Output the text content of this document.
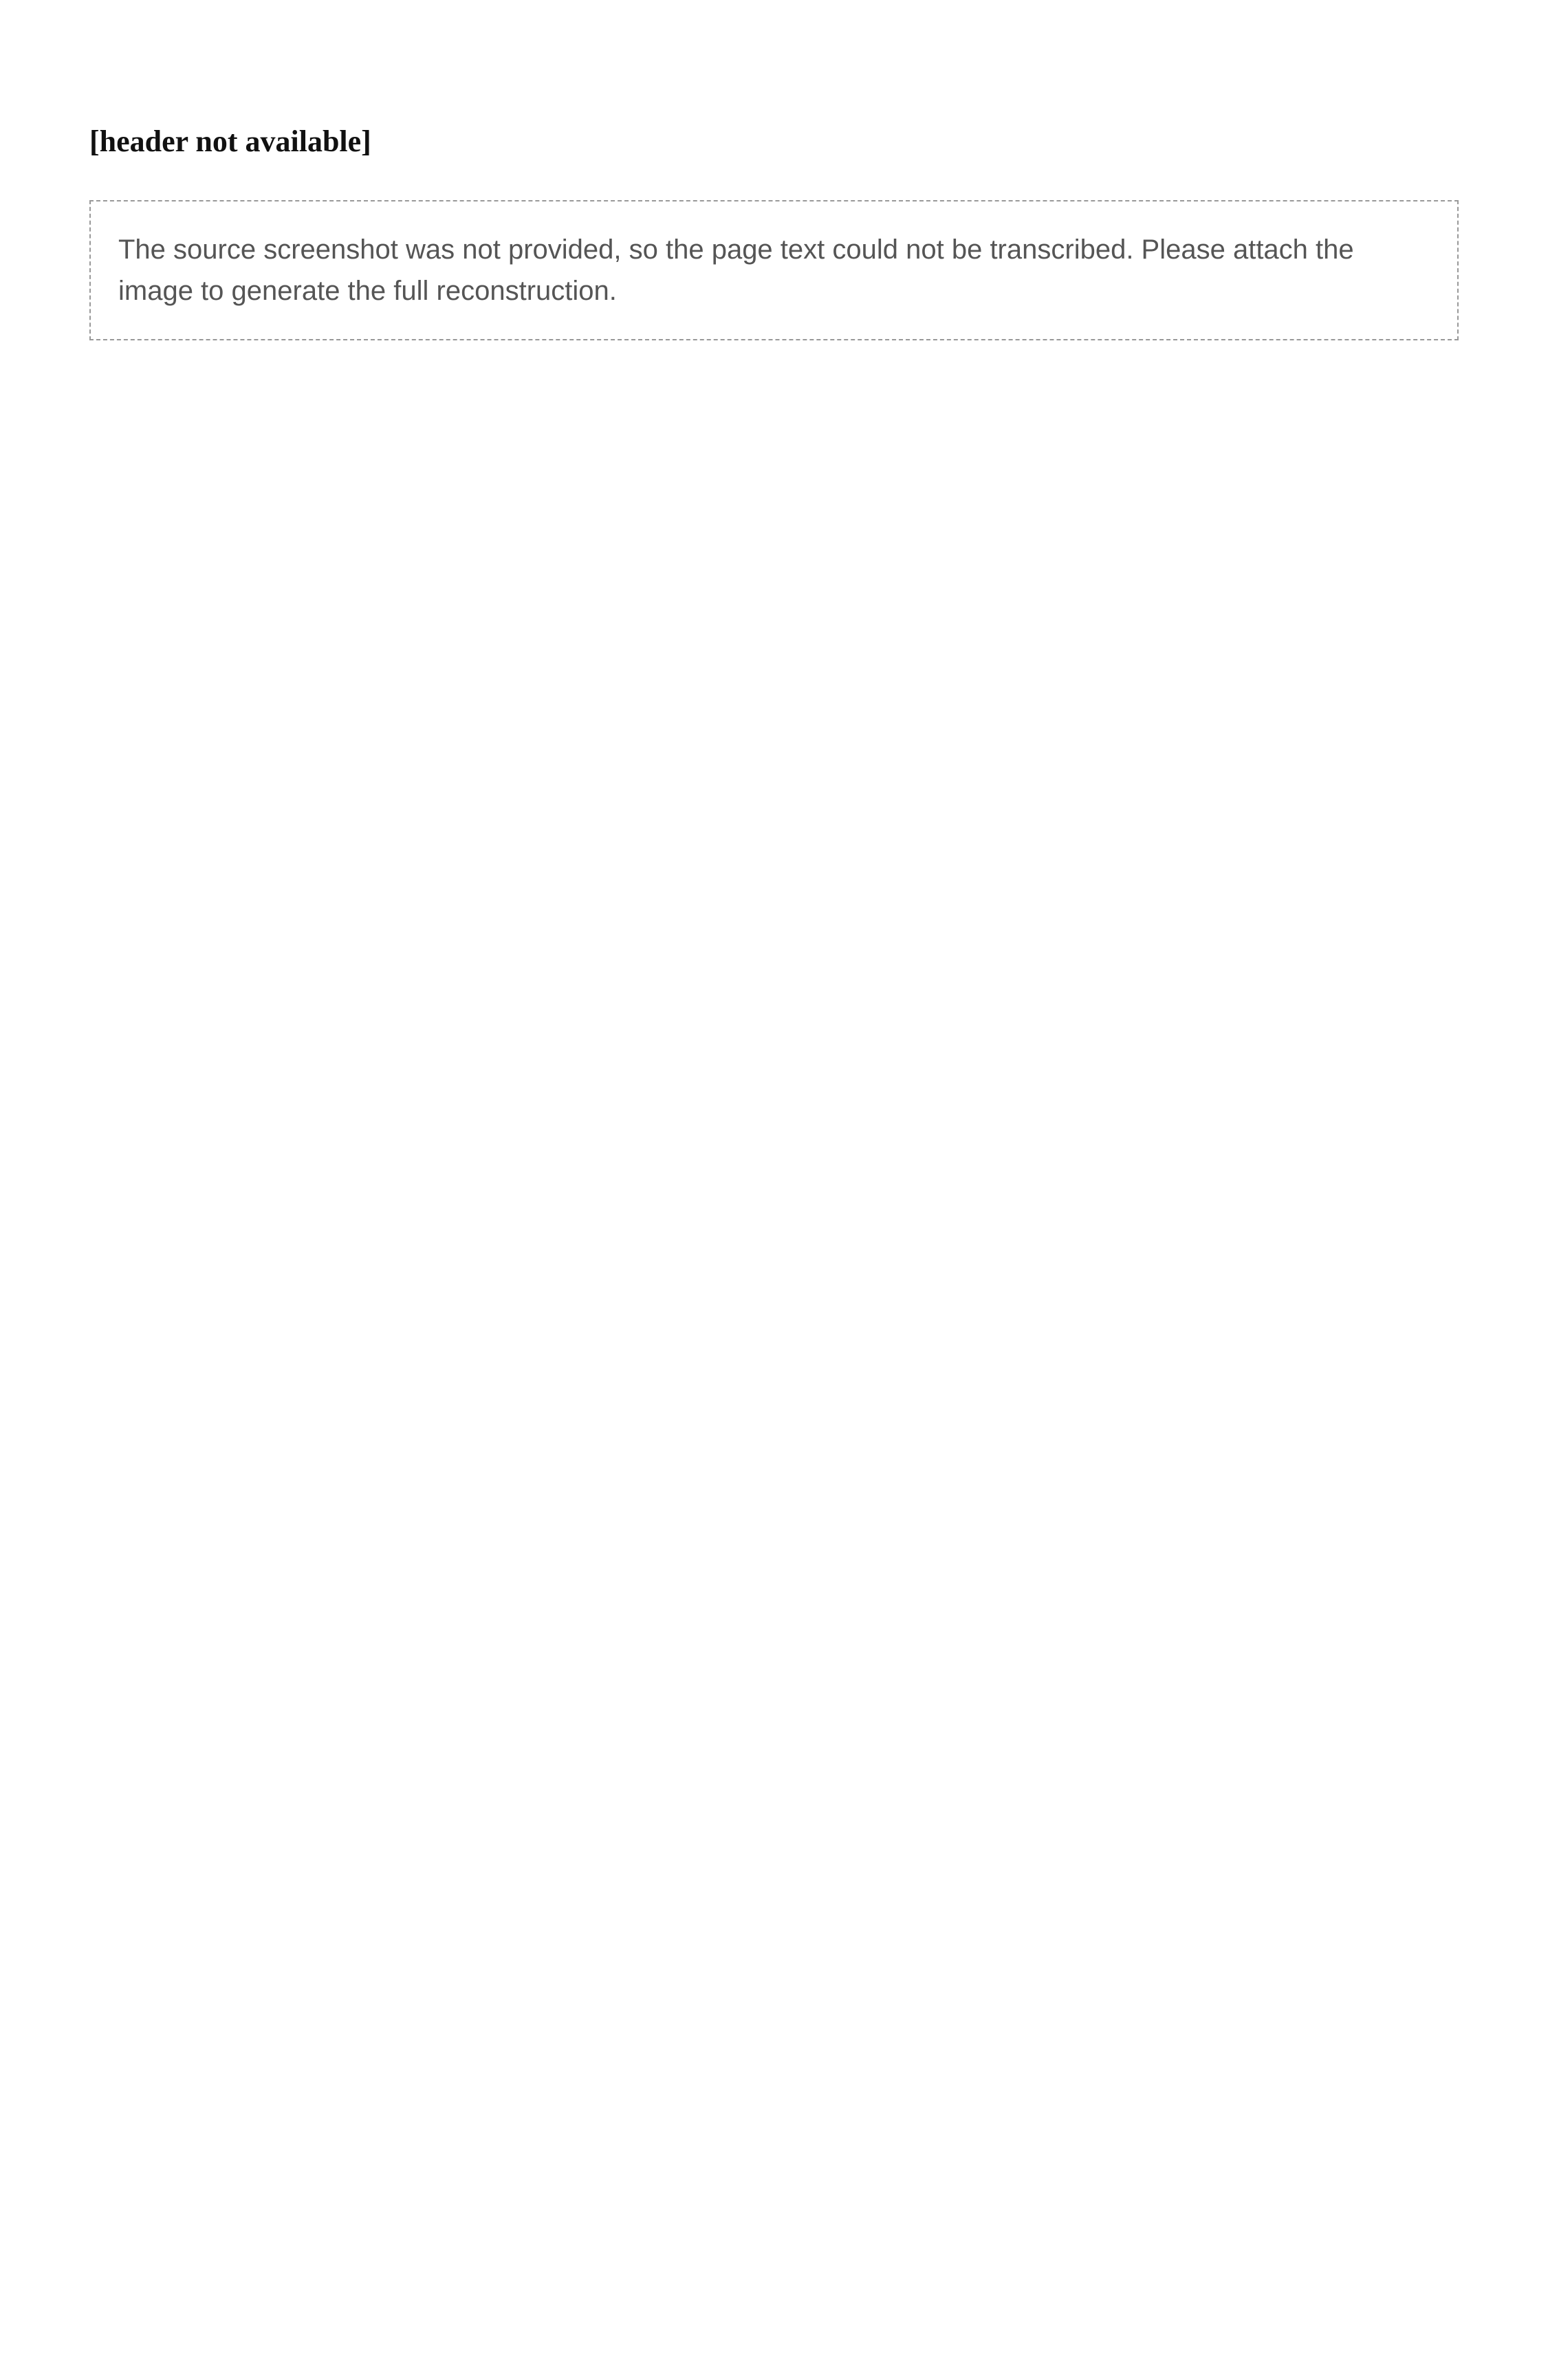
[header not available]
The source screenshot was not provided, so the page text could not be transcribed. Please attach the image to generate the full reconstruction.
